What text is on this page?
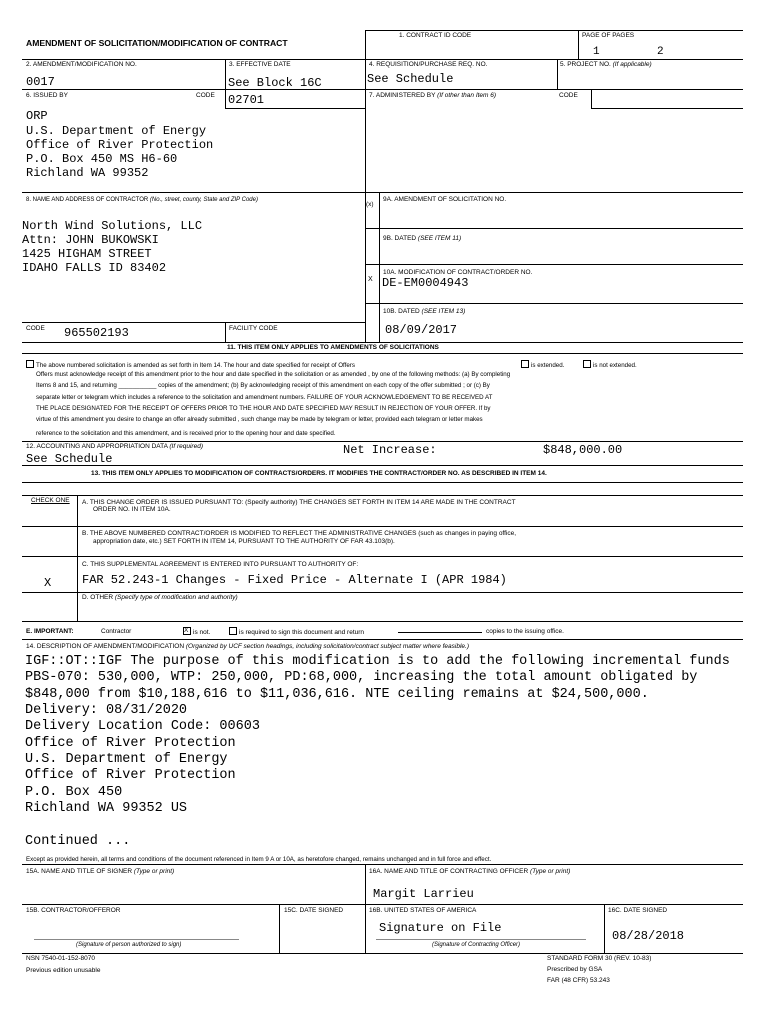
AMENDMENT OF SOLICITATION/MODIFICATION OF CONTRACT
1. CONTRACT ID CODE	PAGE OF PAGES
1	2
2. AMENDMENT/MODIFICATION NO.
0017
3. EFFECTIVE DATE
See Block 16C
4. REQUISITION/PURCHASE REQ. NO.
See Schedule
5. PROJECT NO. (If applicable)
6. ISSUED BY	CODE 02701	7. ADMINISTERED BY (If other than Item 6)	CODE
ORP
U.S. Department of Energy
Office of River Protection
P.O. Box 450 MS H6-60
Richland WA 99352
8. NAME AND ADDRESS OF CONTRACTOR (No., street, county, State and ZIP Code)
North Wind Solutions, LLC
Attn: JOHN BUKOWSKI
1425 HIGHAM STREET
IDAHO FALLS ID 83402
CODE 965502193	FACILITY CODE
(x)
9A. AMENDMENT OF SOLICITATION NO.
9B. DATED (SEE ITEM 11)
10A. MODIFICATION OF CONTRACT/ORDER NO.
X DE-EM0004943
10B. DATED (SEE ITEM 13)
08/09/2017
11. THIS ITEM ONLY APPLIES TO AMENDMENTS OF SOLICITATIONS
The above numbered solicitation is amended as set forth in Item 14. The hour and date specified for receipt of Offers	is extended.	is not extended.
Offers must acknowledge receipt of this amendment prior to the hour and date specified in the solicitation or as amended , by one of the following methods: (a) By completing
Items 8 and 15, and returning ___________ copies of the amendment; (b) By acknowledging receipt of this amendment on each copy of the offer submitted ; or (c) By
separate letter or telegram which includes a reference to the solicitation and amendment numbers. FAILURE OF YOUR ACKNOWLEDGEMENT TO BE RECEIVED AT
THE PLACE DESIGNATED FOR THE RECEIPT OF OFFERS PRIOR TO THE HOUR AND DATE SPECIFIED MAY RESULT IN REJECTION OF YOUR OFFER. If by
virtue of this amendment you desire to change an offer already submitted , such change may be made by telegram or letter, provided each telegram or letter makes
reference to the solicitation and this amendment, and is received prior to the opening hour and date specified.
12. ACCOUNTING AND APPROPRIATION DATA (If required)	Net Increase:	$848,000.00
See Schedule
13. THIS ITEM ONLY APPLIES TO MODIFICATION OF CONTRACTS/ORDERS. IT MODIFIES THE CONTRACT/ORDER NO. AS DESCRIBED IN ITEM 14.
CHECK ONE A. THIS CHANGE ORDER IS ISSUED PURSUANT TO: (Specify authority) THE CHANGES SET FORTH IN ITEM 14 ARE MADE IN THE CONTRACT
ORDER NO. IN ITEM 10A.
B. THE ABOVE NUMBERED CONTRACT/ORDER IS MODIFIED TO REFLECT THE ADMINISTRATIVE CHANGES (such as changes in paying office,
appropriation date, etc.) SET FORTH IN ITEM 14, PURSUANT TO THE AUTHORITY OF FAR 43.103(b).
C. THIS SUPPLEMENTAL AGREEMENT IS ENTERED INTO PURSUANT TO AUTHORITY OF:
X	FAR 52.243-1 Changes - Fixed Price - Alternate I (APR 1984)
D. OTHER (Specify type of modification and authority)
E. IMPORTANT:	Contractor	X is not.	is required to sign this document and return	copies to the issuing office.
14. DESCRIPTION OF AMENDMENT/MODIFICATION (Organized by UCF section headings, including solicitation/contract subject matter where feasible.)
IGF::OT::IGF The purpose of this modification is to add the following incremental funds
PBS-070: 530,000, WTP: 250,000, PD:68,000, increasing the total amount obligated by
$848,000 from $10,188,616 to $11,036,616. NTE ceiling remains at $24,500,000.
Delivery: 08/31/2020
Delivery Location Code: 00603
Office of River Protection
U.S. Department of Energy
Office of River Protection
P.O. Box 450
Richland WA 99352 US
Continued ...
Except as provided herein, all terms and conditions of the document referenced in Item 9 A or 10A, as heretofore changed, remains unchanged and in full force and effect.
15A. NAME AND TITLE OF SIGNER (Type or print)	16A. NAME AND TITLE OF CONTRACTING OFFICER (Type or print)
Margit Larrieu
15B. CONTRACTOR/OFFEROR	15C. DATE SIGNED	16B. UNITED STATES OF AMERICA	16C. DATE SIGNED
Signature on File
08/28/2018
(Signature of person authorized to sign)	(Signature of Contracting Officer)
NSN 7540-01-152-8070
Previous edition unusable
STANDARD FORM 30 (REV. 10-83)
Prescribed by GSA
FAR (48 CFR) 53.243
